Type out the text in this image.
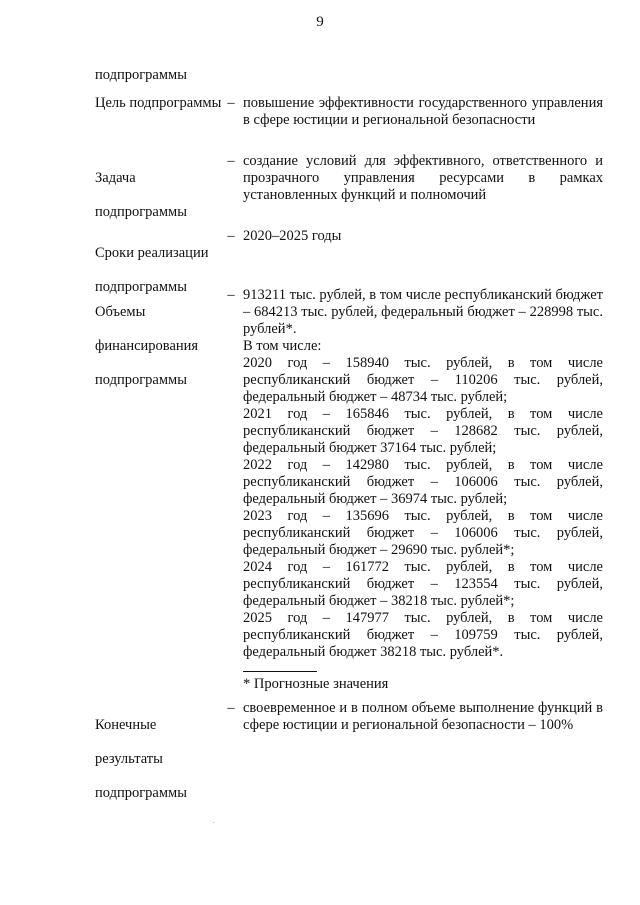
9
подпрограммы
Цель подпрограммы – повышение эффективности государственного управления в сфере юстиции и региональной безопасности

Задача

подпрограммы

– создание условий для эффективного, ответственного и прозрачного управления ресурсами в рамках установленных функций и полномочий

Сроки реализации

подпрограммы

– 2020–2025 годы

Объемы

финансирования

подпрограммы

– 913211 тыс. рублей, в том числе республиканский бюджет – 684213 тыс. рублей, федеральный бюджет – 228998 тыс. рублей*.
В том числе:
2020 год – 158940 тыс. рублей, в том числе
республиканский бюджет – 110206 тыс. рублей,
федеральный бюджет – 48734 тыс. рублей;
2021 год – 165846 тыс. рублей, в том числе
республиканский бюджет – 128682 тыс. рублей,
федеральный бюджет 37164 тыс. рублей;
2022 год – 142980 тыс. рублей, в том числе
республиканский бюджет – 106006 тыс. рублей,
федеральный бюджет – 36974 тыс. рублей;
2023 год – 135696 тыс. рублей, в том числе
республиканский бюджет – 106006 тыс. рублей,
федеральный бюджет – 29690 тыс. рублей*;
2024 год – 161772 тыс. рублей, в том числе
республиканский бюджет – 123554 тыс. рублей,
федеральный бюджет – 38218 тыс. рублей*;
2025 год – 147977 тыс. рублей, в том числе
республиканский бюджет – 109759 тыс. рублей,
федеральный бюджет 38218 тыс. рублей*.
* Прогнозные значения

Конечные

результаты

подпрограммы

– своевременное и в полном объеме выполнение функций в сфере юстиции и региональной безопасности – 100%
